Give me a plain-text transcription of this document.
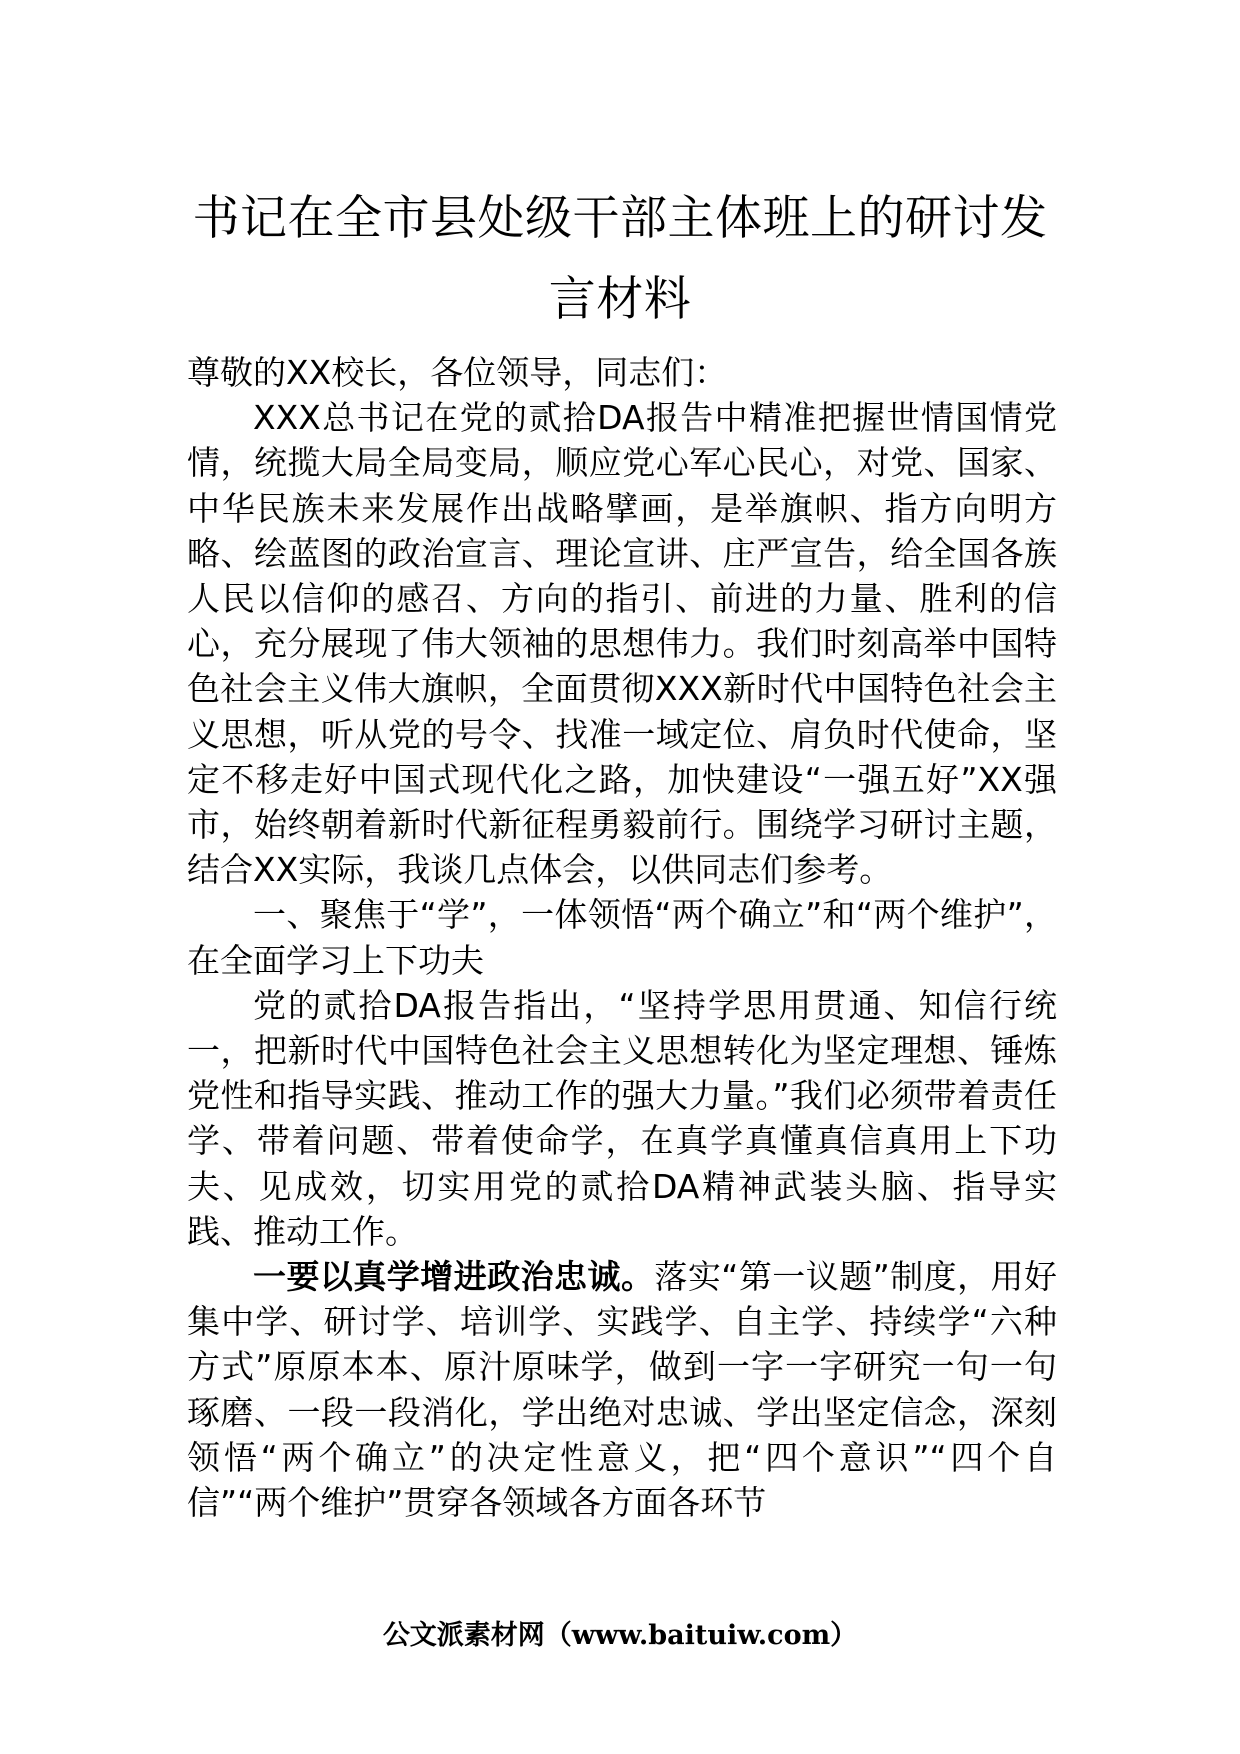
书记在全市县处级干部主体班上的研讨发
言材料

尊敬的XX校长，各位领导，同志们：

XXX总书记在党的贰拾DA报告中精准把握世情国情党情，统揽大局全局变局，顺应党心军心民心，对党、国家、中华民族未来发展作出战略擘画，是举旗帜、指方向明方略、绘蓝图的政治宣言、理论宣讲、庄严宣告，给全国各族人民以信仰的感召、方向的指引、前进的力量、胜利的信心，充分展现了伟大领袖的思想伟力。我们时刻高举中国特色社会主义伟大旗帜，全面贯彻XXX新时代中国特色社会主义思想，听从党的号令、找准一域定位、肩负时代使命，坚定不移走好中国式现代化之路，加快建设“一强五好”XX强市，始终朝着新时代新征程勇毅前行。围绕学习研讨主题，结合XX实际，我谈几点体会，以供同志们参考。

一、聚焦于“学”，一体领悟“两个确立”和“两个维护”，在全面学习上下功夫

党的贰拾DA报告指出，“坚持学思用贯通、知信行统一，把新时代中国特色社会主义思想转化为坚定理想、锤炼党性和指导实践、推动工作的强大力量。”我们必须带着责任学、带着问题、带着使命学，在真学真懂真信真用上下功夫、见成效，切实用党的贰拾DA精神武装头脑、指导实践、推动工作。

一要以真学增进政治忠诚。落实“第一议题”制度，用好集中学、研讨学、培训学、实践学、自主学、持续学“六种方式”原原本本、原汁原味学，做到一字一字研究一句一句琢磨、一段一段消化，学出绝对忠诚、学出坚定信念，深刻领悟“两个确立”的决定性意义，把“四个意识”“四个自信”“两个维护”贯穿各领域各方面各环节

公文派素材网（www.baituiw.com）
